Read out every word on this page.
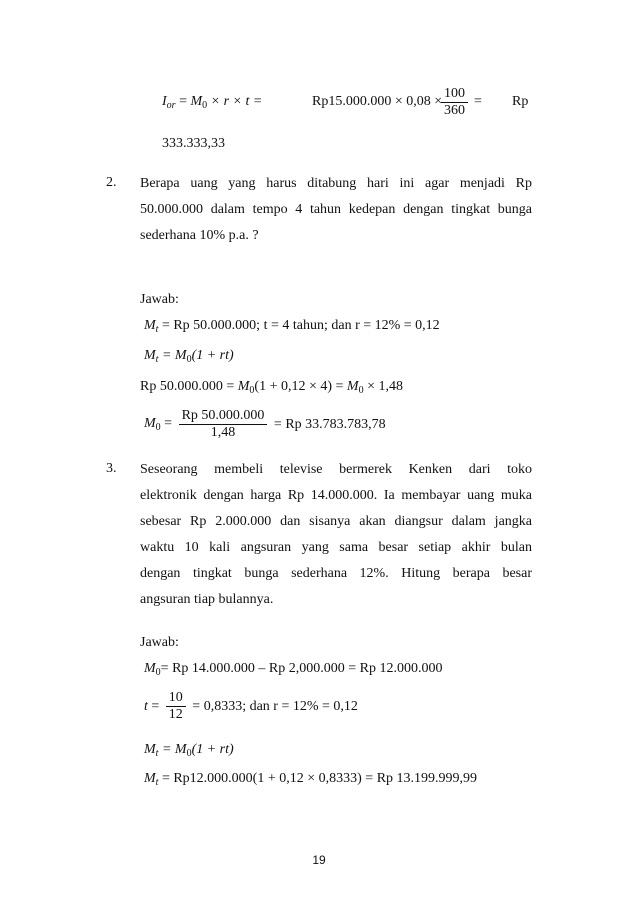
$I_{or} = M_0 \times r \times t$ =	Rp15.000.000 × 0,08 ×
$\frac{100}{360} = Rp$
333.333,33
2. Berapa uang yang harus ditabung hari ini agar menjadi Rp
50.000.000 dalam tempo 4 tahun kedepan dengan tingkat bunga
sederhana 10% p.a. ?
Jawab:
$M_t = Rp$ 50.000.000; t = 4 tahun; dan r = 12% = 0,12
$M_t = M_0(1 + rt)$
Rp $50.000.000 = M_0(1 + 0,12 \times 4) = M_0 \times 1,48$
$M_0 = \frac{Rp 50.000.000}{1,48} = Rp$ 33.783.783,78
3. Seseorang membeli televise bermerek Kenken dari toko
elektronik dengan harga Rp 14.000.000. Ia membayar uang muka
sebesar Rp 2.000.000 dan sisanya akan diangsur dalam jangka
waktu 10 kali angsuran yang sama besar setiap akhir bulan
dengan tingkat bunga sederhana 12%. Hitung berapa besar
angsuran tiap bulannya.
Jawab:
$M_0= Rp$ 14.000.000 – Rp 2,000.000 = Rp 12.000.000
$t = \frac{10}{12} = 0,8333$; dan r = 12% = 0,12
$M_t = M_0(1 + rt)$
$M_t = Rp12.000.000(1 + 0,12 \times 0,8333) = Rp$ 13.199.999,99
19
